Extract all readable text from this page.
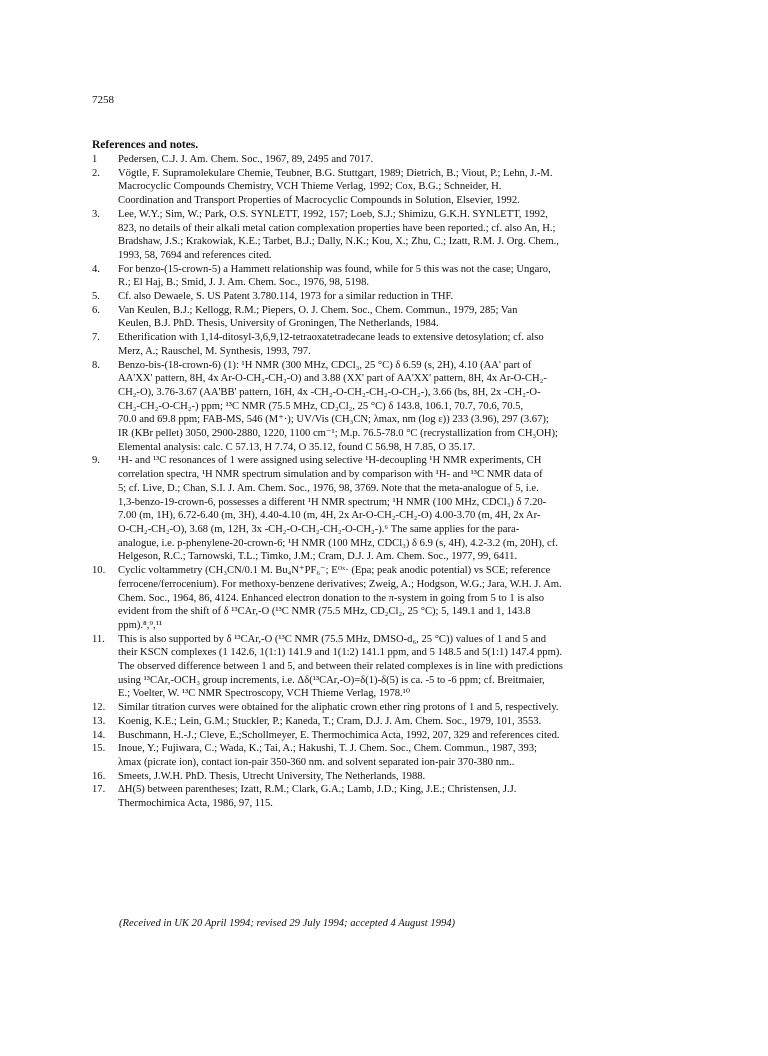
7258
References and notes.
1	Pedersen, C.J. J. Am. Chem. Soc., 1967, 89, 2495 and 7017.
2.	Vögtle, F. Supramolekulare Chemie, Teubner, B.G. Stuttgart, 1989; Dietrich, B.; Viout, P.; Lehn, J.-M.
Macrocyclic Compounds Chemistry, VCH Thieme Verlag, 1992; Cox, B.G.; Schneider, H.
Coordination and Transport Properties of Macrocyclic Compounds in Solution, Elsevier, 1992.
3.	Lee, W.Y.; Sim, W.; Park, O.S. SYNLETT, 1992, 157; Loeb, S.J.; Shimizu, G.K.H. SYNLETT, 1992,
823, no details of their alkali metal cation complexation properties have been reported.; cf. also An, H.;
Bradshaw, J.S.; Krakowiak, K.E.; Tarbet, B.J.; Dally, N.K.; Kou, X.; Zhu, C.; Izatt, R.M. J. Org. Chem.,
1993, 58, 7694 and references cited.
4.	For benzo-(15-crown-5) a Hammett relationship was found, while for 5 this was not the case; Ungaro,
R.; El Haj, B.; Smid, J. J. Am. Chem. Soc., 1976, 98, 5198.
5.	Cf. also Dewaele, S. US Patent 3.780.114, 1973 for a similar reduction in THF.
6.	Van Keulen, B.J.; Kellogg, R.M.; Piepers, O. J. Chem. Soc., Chem. Commun., 1979, 285; Van
Keulen, B.J. PhD. Thesis, University of Groningen, The Netherlands, 1984.
7.	Etherification with 1,14-ditosyl-3,6,9,12-tetraoxatetradecane leads to extensive detosylation; cf. also
Merz, A.; Rauschel, M. Synthesis, 1993, 797.
8.	Benzo-bis-(18-crown-6) (1): ¹H NMR (300 MHz, CDCl₃, 25 °C) δ 6.59 (s, 2H), 4.10 (AA' part of
AA'XX' pattern, 8H, 4x Ar-O-CH₂-CH₂-O) and 3.88 (XX' part of AA'XX' pattern, 8H, 4x Ar-O-CH₂-
CH₂-O), 3.76-3.67 (AA'BB' pattern, 16H, 4x -CH₂-O-CH₂-CH₂-O-CH₂-), 3.66 (bs, 8H, 2x -CH₂-O-
CH₂-CH₂-O-CH₂-) ppm; ¹³C NMR (75.5 MHz, CD₂Cl₂, 25 °C) δ 143.8, 106.1, 70.7, 70.6, 70.5,
70.0 and 69.8 ppm; FAB-MS, 546 (M⁺·); UV/Vis (CH₃CN; λmax, nm (log ε)) 233 (3.96), 297 (3.67);
IR (KBr pellet) 3050, 2900-2880, 1220, 1100 cm⁻¹; M.p. 76.5-78.0 °C (recrystallization from CH₃OH);
Elemental analysis: calc. C 57.13, H 7.74, O 35.12, found C 56.98, H 7.85, O 35.17.
9.	¹H- and ¹³C resonances of 1 were assigned using selective ¹H-decoupling ¹H NMR experiments, CH
correlation spectra, ¹H NMR spectrum simulation and by comparison with ¹H- and ¹³C NMR data of
5; cf. Live, D.; Chan, S.I. J. Am. Chem. Soc., 1976, 98, 3769. Note that the meta-analogue of 5, i.e.
1,3-benzo-19-crown-6, possesses a different ¹H NMR spectrum; ¹H NMR (100 MHz, CDCl₃) δ 7.20-
7.00 (m, 1H), 6.72-6.40 (m, 3H), 4.40-4.10 (m, 4H, 2x Ar-O-CH₂-CH₂-O) 4.00-3.70 (m, 4H, 2x Ar-
O-CH₂-CH₂-O), 3.68 (m, 12H, 3x -CH₂-O-CH₂-CH₂-O-CH₂-).⁶ The same applies for the para-
analogue, i.e. p-phenylene-20-crown-6; ¹H NMR (100 MHz, CDCl₃) δ 6.9 (s, 4H), 4.2-3.2 (m, 20H), cf.
Helgeson, R.C.; Tarnowski, T.L.; Timko, J.M.; Cram, D.J. J. Am. Chem. Soc., 1977, 99, 6411.
10.	Cyclic voltammetry (CH₃CN/0.1 M. Bu₄N⁺PF₆⁻; Eᴼˣ· (Epa; peak anodic potential) vs SCE; reference
ferrocene/ferrocenium). For methoxy-benzene derivatives; Zweig, A.; Hodgson, W.G.; Jara, W.H. J. Am.
Chem. Soc., 1964, 86, 4124. Enhanced electron donation to the π-system in going from 5 to 1 is also
evident from the shift of δ ¹³CAr,-O (¹³C NMR (75.5 MHz, CD₂Cl₂, 25 °C); 5, 149.1 and 1, 143.8
ppm).⁸,⁹,¹¹
11.	This is also supported by δ ¹³CAr,-O (¹³C NMR (75.5 MHz, DMSO-d₆, 25 °C)) values of 1 and 5 and
their KSCN complexes (1 142.6, 1(1:1) 141.9 and 1(1:2) 141.1 ppm, and 5 148.5 and 5(1:1) 147.4 ppm).
The observed difference between 1 and 5, and between their related complexes is in line with predictions
using ¹³CAr,-OCH₃ group increments, i.e. Δδ(¹³CAr,-O)=δ(1)-δ(5) is ca. -5 to -6 ppm; cf. Breitmaier,
E.; Voelter, W. ¹³C NMR Spectroscopy, VCH Thieme Verlag, 1978.¹⁰
12.	Similar titration curves were obtained for the aliphatic crown ether ring protons of 1 and 5, respectively.
13.	Koenig, K.E.; Lein, G.M.; Stuckler, P.; Kaneda, T.; Cram, D.J. J. Am. Chem. Soc., 1979, 101, 3553.
14.	Buschmann, H.-J.; Cleve, E.;Schollmeyer, E. Thermochimica Acta, 1992, 207, 329 and references cited.
15.	Inoue, Y.; Fujiwara, C.; Wada, K.; Tai, A.; Hakushi, T. J. Chem. Soc., Chem. Commun., 1987, 393;
λmax (picrate ion), contact ion-pair 350-360 nm. and solvent separated ion-pair 370-380 nm..
16.	Smeets, J.W.H. PhD. Thesis, Utrecht University, The Netherlands, 1988.
17.	ΔH(5) between parentheses; Izatt, R.M.; Clark, G.A.; Lamb, J.D.; King, J.E.; Christensen, J.J.
Thermochimica Acta, 1986, 97, 115.
(Received in UK 20 April 1994; revised 29 July 1994; accepted 4 August 1994)
